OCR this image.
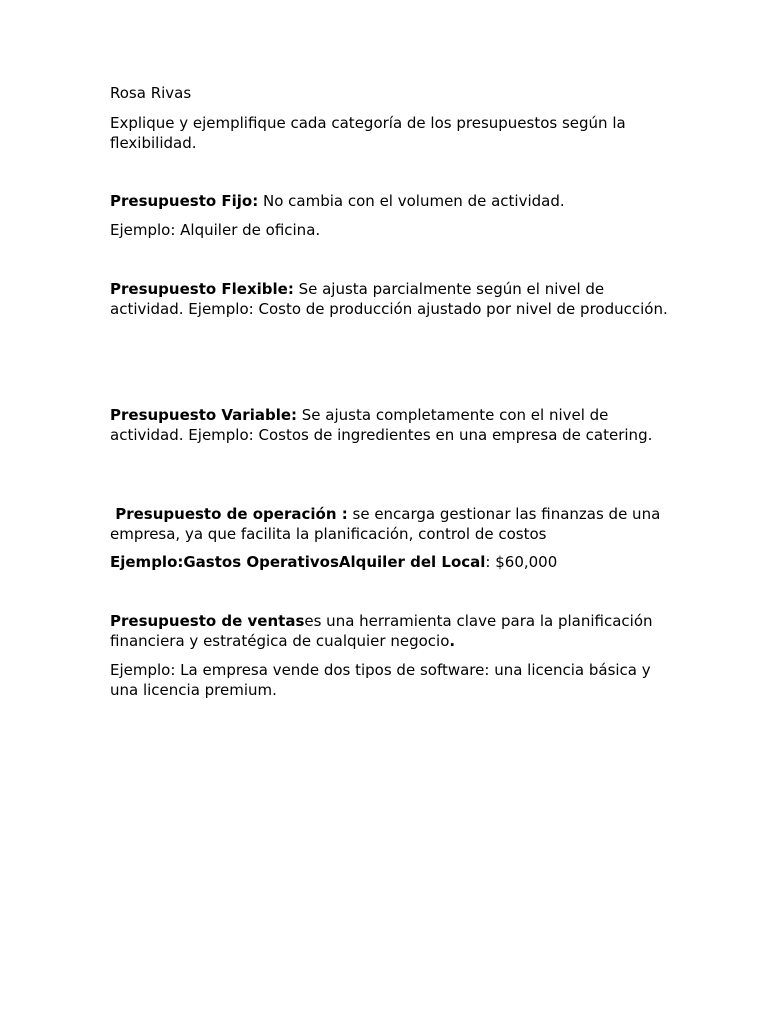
Rosa Rivas

Explique y ejemplifique cada categoría de los presupuestos según la flexibilidad.

Presupuesto Fijo: No cambia con el volumen de actividad.

Ejemplo: Alquiler de oficina.

Presupuesto Flexible: Se ajusta parcialmente según el nivel de actividad. Ejemplo: Costo de producción ajustado por nivel de producción.

Presupuesto Variable: Se ajusta completamente con el nivel de actividad. Ejemplo: Costos de ingredientes en una empresa de catering.

Presupuesto de operación : se encarga gestionar las finanzas de una empresa, ya que facilita la planificación, control de costos

Ejemplo:Gastos OperativosAlquiler del Local: $60,000

Presupuesto de ventases una herramienta clave para la planificación financiera y estratégica de cualquier negocio.

Ejemplo: La empresa vende dos tipos de software: una licencia básica y una licencia premium.
